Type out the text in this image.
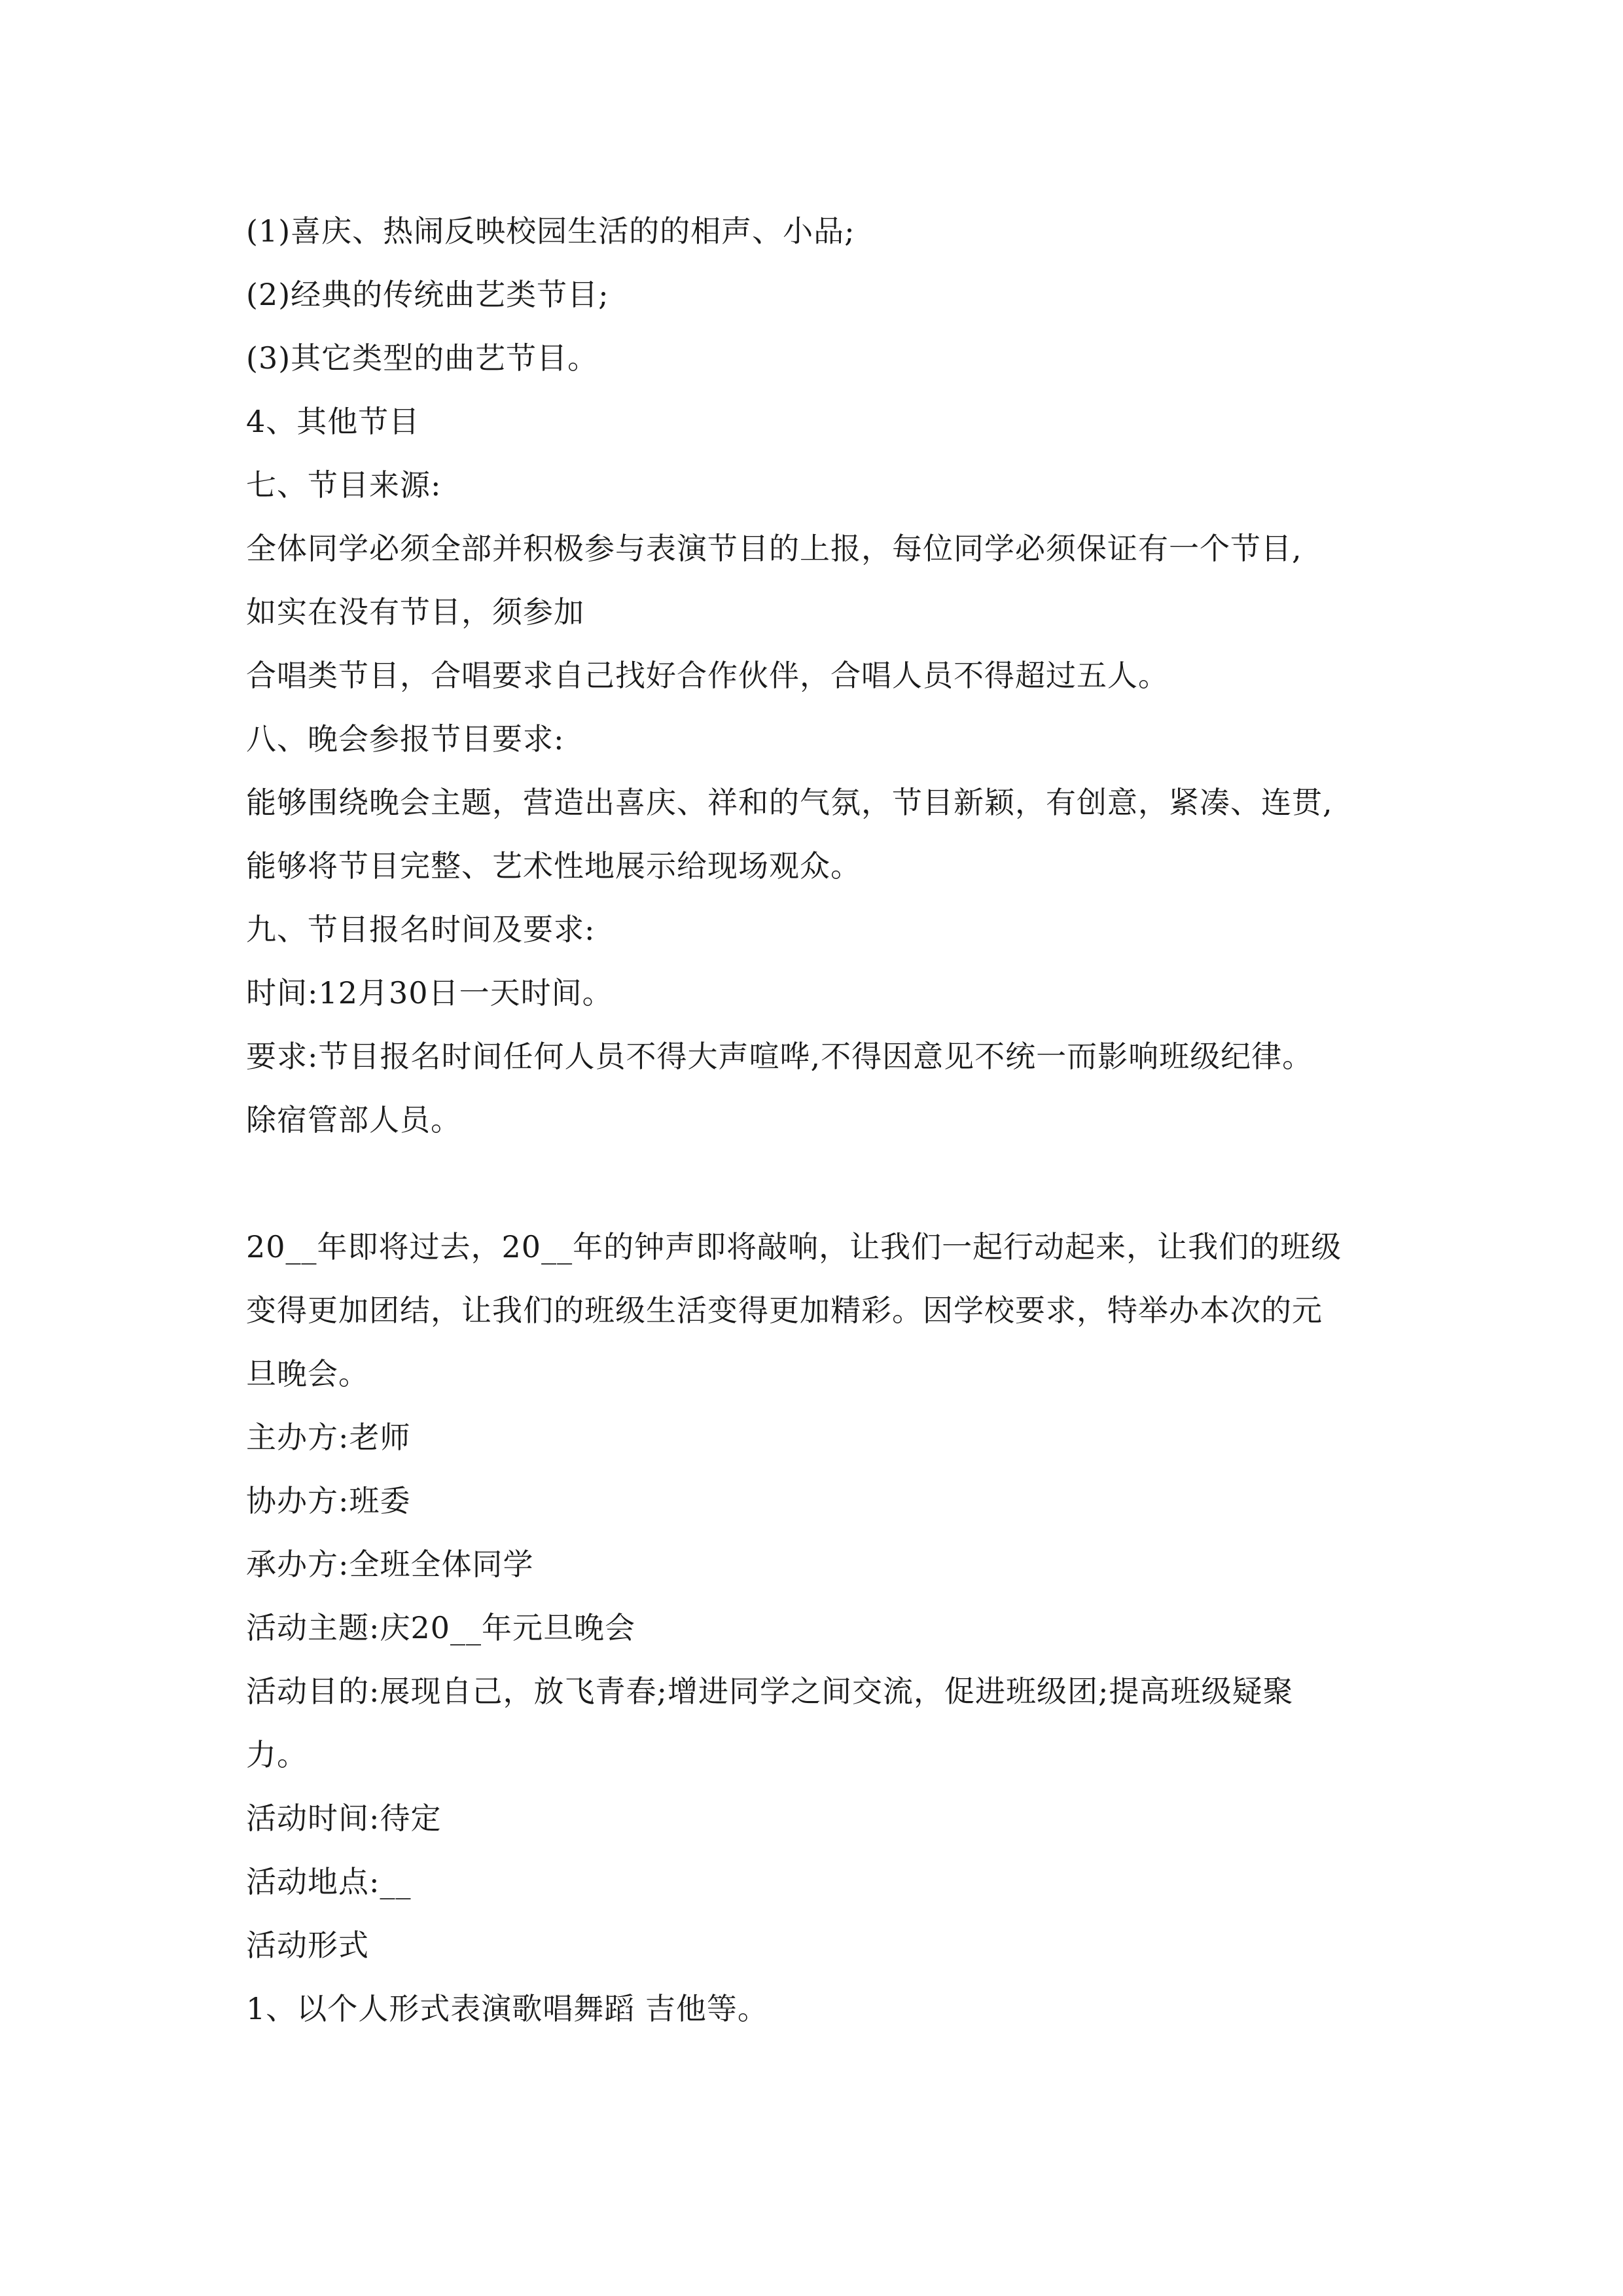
(1)喜庆、热闹反映校园生活的的相声、小品;
(2)经典的传统曲艺类节目;
(3)其它类型的曲艺节目。
4、其他节目
七、节目来源:
全体同学必须全部并积极参与表演节目的上报，每位同学必须保证有一个节目,
如实在没有节目，须参加
合唱类节目，合唱要求自己找好合作伙伴，合唱人员不得超过五人。
八、晚会参报节目要求:
能够围绕晚会主题，营造出喜庆、祥和的气氛，节目新颖，有创意，紧凑、连贯,
能够将节目完整、艺术性地展示给现场观众。
九、节目报名时间及要求:
时间:12月30日一天时间。
要求:节目报名时间任何人员不得大声喧哗,不得因意见不统一而影响班级纪律。
除宿管部人员。
20__年即将过去，20__年的钟声即将敲响，让我们一起行动起来，让我们的班级
变得更加团结，让我们的班级生活变得更加精彩。因学校要求，特举办本次的元
旦晚会。
主办方:老师
协办方:班委
承办方:全班全体同学
活动主题:庆20__年元旦晚会
活动目的:展现自己，放飞青春;增进同学之间交流，促进班级团;提高班级疑聚
力。
活动时间:待定
活动地点:__
活动形式
1、以个人形式表演歌唱舞蹈 吉他等。
